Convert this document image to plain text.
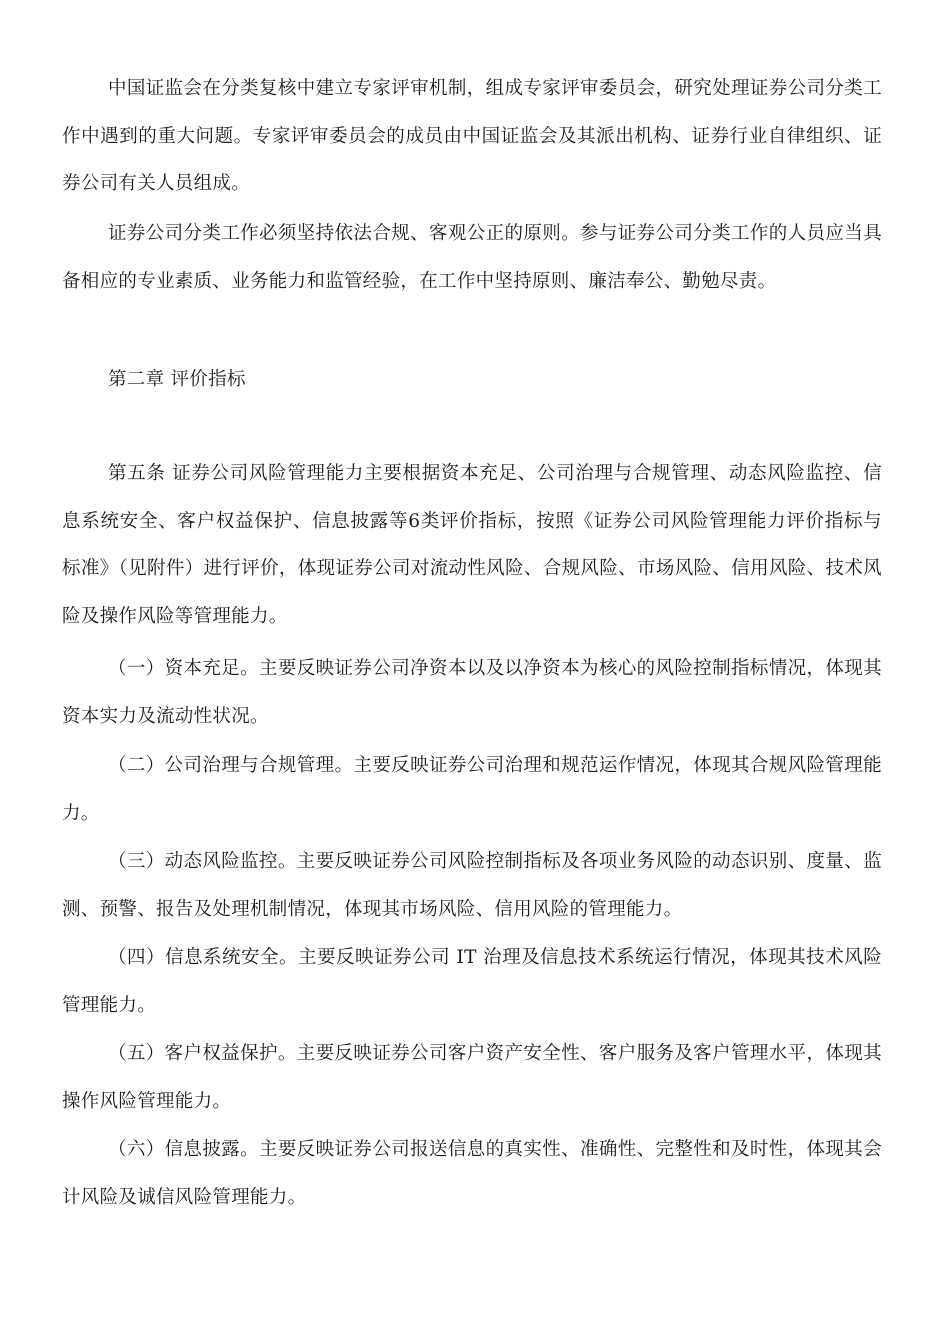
中国证监会在分类复核中建立专家评审机制，组成专家评审委员会，研究处理证券公司分类工作中遇到的重大问题。专家评审委员会的成员由中国证监会及其派出机构、证券行业自律组织、证券公司有关人员组成。

证券公司分类工作必须坚持依法合规、客观公正的原则。参与证券公司分类工作的人员应当具备相应的专业素质、业务能力和监管经验，在工作中坚持原则、廉洁奉公、勤勉尽责。

第二章 评价指标

第五条 证券公司风险管理能力主要根据资本充足、公司治理与合规管理、动态风险监控、信息系统安全、客户权益保护、信息披露等6类评价指标，按照《证券公司风险管理能力评价指标与标准》（见附件）进行评价，体现证券公司对流动性风险、合规风险、市场风险、信用风险、技术风险及操作风险等管理能力。

（一）资本充足。主要反映证券公司净资本以及以净资本为核心的风险控制指标情况，体现其资本实力及流动性状况。

（二）公司治理与合规管理。主要反映证券公司治理和规范运作情况，体现其合规风险管理能力。

（三）动态风险监控。主要反映证券公司风险控制指标及各项业务风险的动态识别、度量、监测、预警、报告及处理机制情况，体现其市场风险、信用风险的管理能力。

（四）信息系统安全。主要反映证券公司 IT 治理及信息技术系统运行情况，体现其技术风险管理能力。

（五）客户权益保护。主要反映证券公司客户资产安全性、客户服务及客户管理水平，体现其操作风险管理能力。

（六）信息披露。主要反映证券公司报送信息的真实性、准确性、完整性和及时性，体现其会计风险及诚信风险管理能力。
